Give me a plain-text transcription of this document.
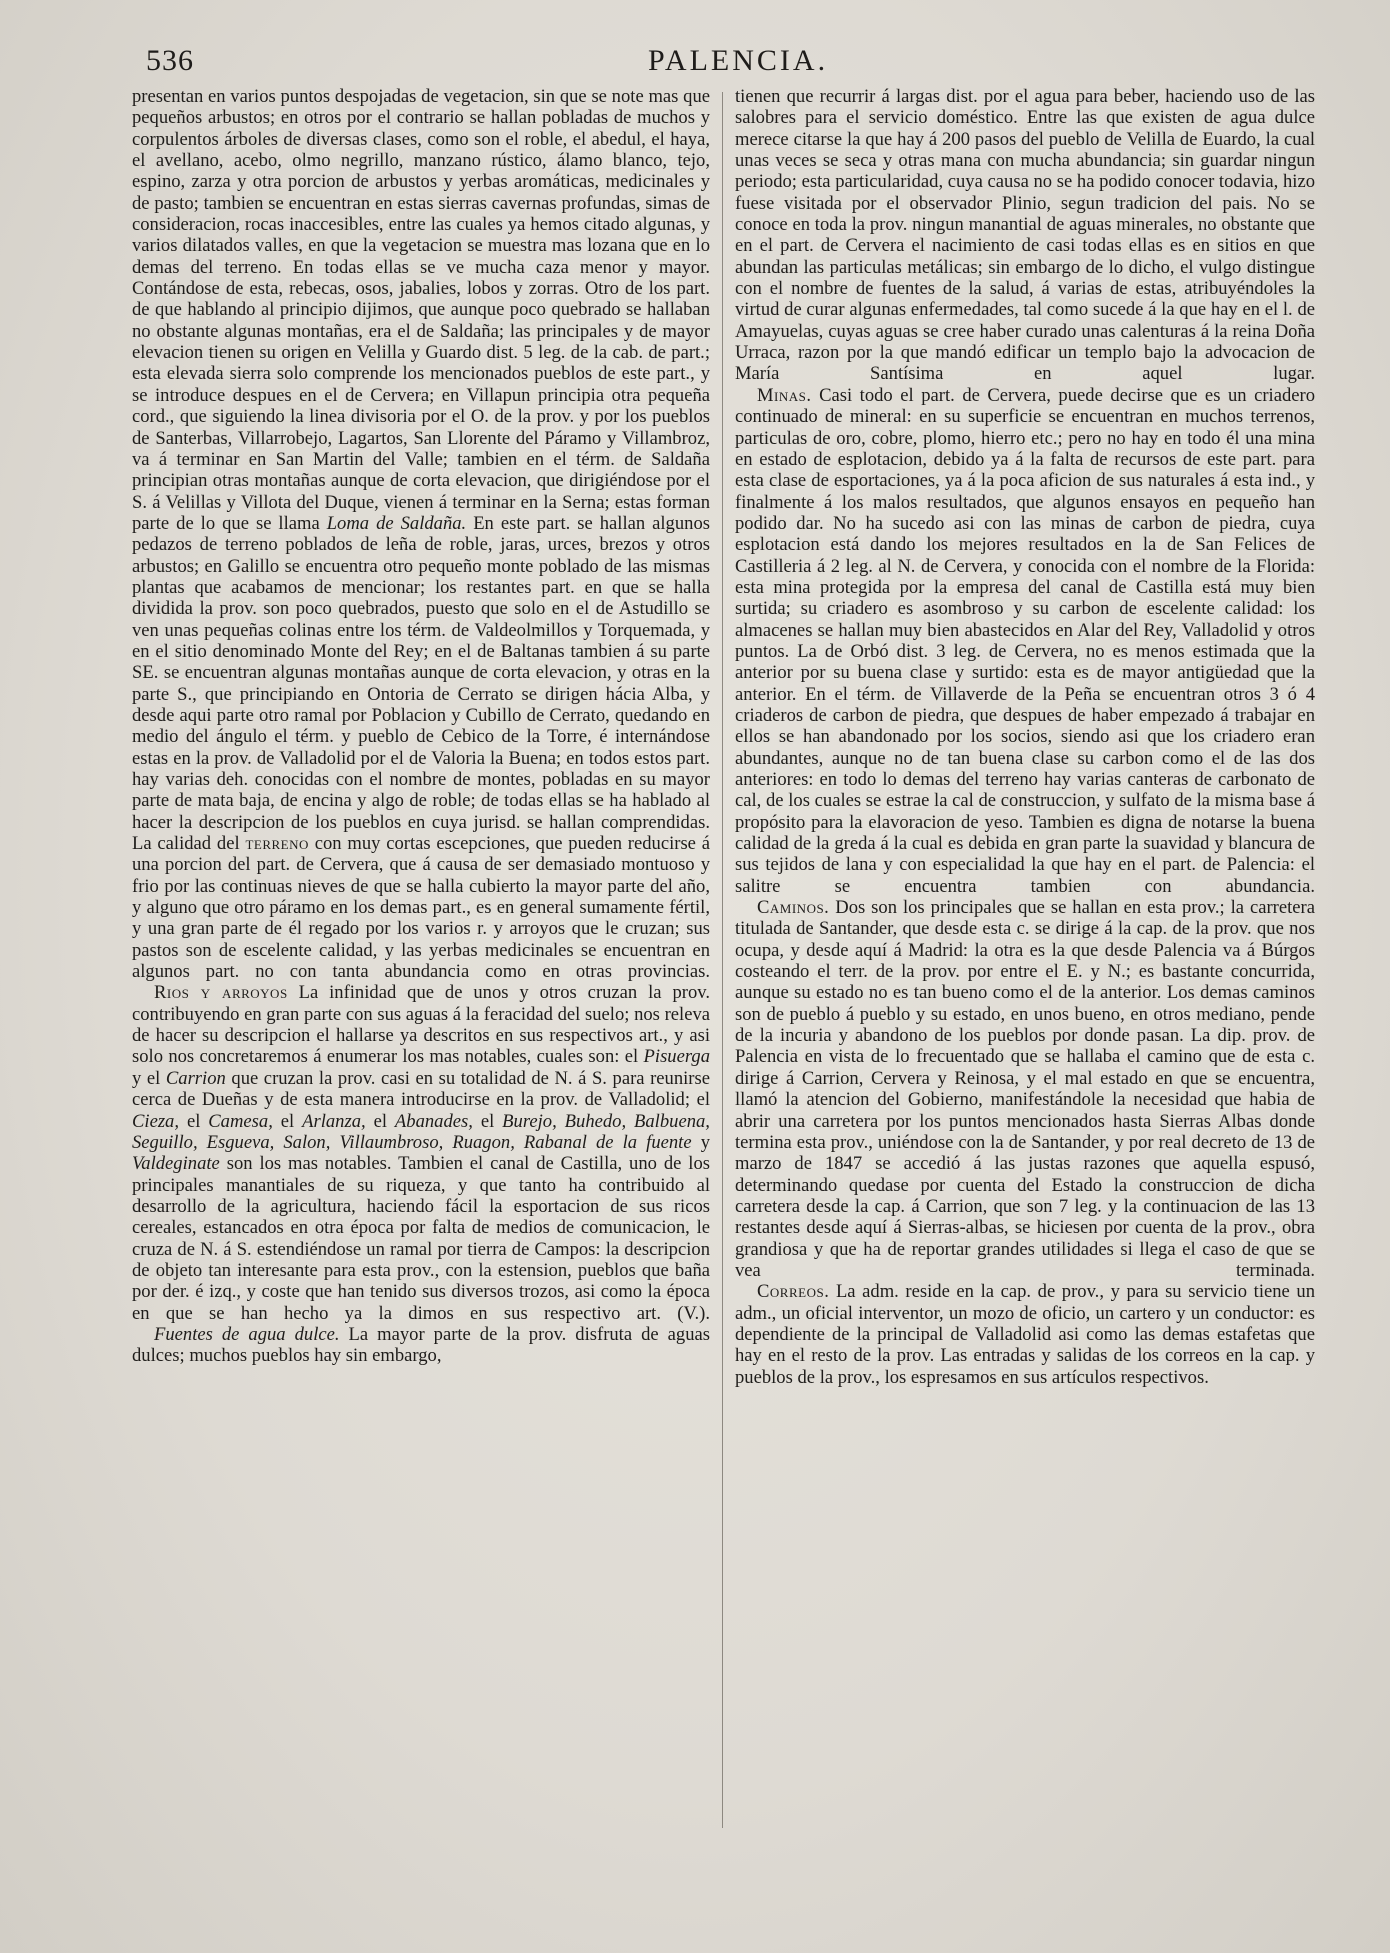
536	PALENCIA.

presentan en varios puntos despojadas de vegetacion, sin que se note mas que pequeños arbustos; en otros por el contrario se hallan pobladas de muchos y corpulentos árboles de diversas clases, como son el roble, el abedul, el haya, el avellano, acebo, olmo negrillo, manzano rústico, álamo blanco, tejo, espino, zarza y otra porcion de arbustos y yerbas aromáticas, medicinales y de pasto; tambien se encuentran en estas sierras cavernas profundas, simas de consideracion, rocas inaccesibles, entre las cuales ya hemos citado algunas, y varios dilatados valles, en que la vegetacion se muestra mas lozana que en lo demas del terreno. En todas ellas se ve mucha caza menor y mayor. Contándose de esta, rebecas, osos, jabalies, lobos y zorras. Otro de los part. de que hablando al principio dijimos, que aunque poco quebrado se hallaban no obstante algunas montañas, era el de Saldaña; las principales y de mayor elevacion tienen su origen en Velilla y Guardo dist. 5 leg. de la cab. de part.; esta elevada sierra solo comprende los mencionados pueblos de este part., y se introduce despues en el de Cervera; en Villapun principia otra pequeña cord., que siguiendo la linea divisoria por el O. de la prov. y por los pueblos de Santerbas, Villarrobejo, Lagartos, San Llorente del Páramo y Villambroz, va á terminar en San Martin del Valle; tambien en el térm. de Saldaña principian otras montañas aunque de corta elevacion, que dirigiéndose por el S. á Velillas y Villota del Duque, vienen á terminar en la Serna; estas forman parte de lo que se llama Loma de Saldaña. En este part. se hallan algunos pedazos de terreno poblados de leña de roble, jaras, urces, brezos y otros arbustos; en Galillo se encuentra otro pequeño monte poblado de las mismas plantas que acabamos de mencionar; los restantes part. en que se halla dividida la prov. son poco quebrados, puesto que solo en el de Astudillo se ven unas pequeñas colinas entre los térm. de Valdeolmillos y Torquemada, y en el sitio denominado Monte del Rey; en el de Baltanas tambien á su parte SE. se encuentran algunas montañas aunque de corta elevacion, y otras en la parte S., que principiando en Ontoria de Cerrato se dirigen hácia Alba, y desde aqui parte otro ramal por Poblacion y Cubillo de Cerrato, quedando en medio del ángulo el térm. y pueblo de Cebico de la Torre, é internándose estas en la prov. de Valladolid por el de Valoria la Buena; en todos estos part. hay varias deh. conocidas con el nombre de montes, pobladas en su mayor parte de mata baja, de encina y algo de roble; de todas ellas se ha hablado al hacer la descripcion de los pueblos en cuya jurisd. se hallan comprendidas. La calidad del terreno con muy cortas escepciones, que pueden reducirse á una porcion del part. de Cervera, que á causa de ser demasiado montuoso y frio por las continuas nieves de que se halla cubierto la mayor parte del año, y alguno que otro páramo en los demas part., es en general sumamente fértil, y una gran parte de él regado por los varios r. y arroyos que le cruzan; sus pastos son de escelente calidad, y las yerbas medicinales se encuentran en algunos part. no con tanta abundancia como en otras provincias.

Rios y arroyos La infinidad que de unos y otros cruzan la prov. contribuyendo en gran parte con sus aguas á la feracidad del suelo; nos releva de hacer su descripcion el hallarse ya descritos en sus respectivos art., y asi solo nos concretaremos á enumerar los mas notables, cuales son: el Pisuerga y el Carrion que cruzan la prov. casi en su totalidad de N. á S. para reunirse cerca de Dueñas y de esta manera introducirse en la prov. de Valladolid; el Cieza, el Camesa, el Arlanza, el Abanades, el Burejo, Buhedo, Balbuena, Seguillo, Esgueva, Salon, Villaumbroso, Ruagon, Rabanal de la fuente y Valdeginate son los mas notables. Tambien el canal de Castilla, uno de los principales manantiales de su riqueza, y que tanto ha contribuido al desarrollo de la agricultura, haciendo fácil la esportacion de sus ricos cereales, estancados en otra época por falta de medios de comunicacion, le cruza de N. á S. estendiéndose un ramal por tierra de Campos: la descripcion de objeto tan interesante para esta prov., con la estension, pueblos que baña por der. é izq., y coste que han tenido sus diversos trozos, asi como la época en que se han hecho ya la dimos en sus respectivo art. (V.).

Fuentes de agua dulce. La mayor parte de la prov. disfruta de aguas dulces; muchos pueblos hay sin embargo,

tienen que recurrir á largas dist. por el agua para beber, haciendo uso de las salobres para el servicio doméstico. Entre las que existen de agua dulce merece citarse la que hay á 200 pasos del pueblo de Velilla de Euardo, la cual unas veces se seca y otras mana con mucha abundancia; sin guardar ningun periodo; esta particularidad, cuya causa no se ha podido conocer todavia, hizo fuese visitada por el observador Plinio, segun tradicion del pais. No se conoce en toda la prov. ningun manantial de aguas minerales, no obstante que en el part. de Cervera el nacimiento de casi todas ellas es en sitios en que abundan las particulas metálicas; sin embargo de lo dicho, el vulgo distingue con el nombre de fuentes de la salud, á varias de estas, atribuyéndoles la virtud de curar algunas enfermedades, tal como sucede á la que hay en el l. de Amayuelas, cuyas aguas se cree haber curado unas calenturas á la reina Doña Urraca, razon por la que mandó edificar un templo bajo la advocacion de María Santísima en aquel lugar.

Minas. Casi todo el part. de Cervera, puede decirse que es un criadero continuado de mineral: en su superficie se encuentran en muchos terrenos, particulas de oro, cobre, plomo, hierro etc.; pero no hay en todo él una mina en estado de esplotacion, debido ya á la falta de recursos de este part. para esta clase de esportaciones, ya á la poca aficion de sus naturales á esta ind., y finalmente á los malos resultados, que algunos ensayos en pequeño han podido dar. No ha sucedo asi con las minas de carbon de piedra, cuya esplotacion está dando los mejores resultados en la de San Felices de Castilleria á 2 leg. al N. de Cervera, y conocida con el nombre de la Florida: esta mina protegida por la empresa del canal de Castilla está muy bien surtida; su criadero es asombroso y su carbon de escelente calidad: los almacenes se hallan muy bien abastecidos en Alar del Rey, Valladolid y otros puntos. La de Orbó dist. 3 leg. de Cervera, no es menos estimada que la anterior por su buena clase y surtido: esta es de mayor antigüedad que la anterior. En el térm. de Villaverde de la Peña se encuentran otros 3 ó 4 criaderos de carbon de piedra, que despues de haber empezado á trabajar en ellos se han abandonado por los socios, siendo asi que los criadero eran abundantes, aunque no de tan buena clase su carbon como el de las dos anteriores: en todo lo demas del terreno hay varias canteras de carbonato de cal, de los cuales se estrae la cal de construccion, y sulfato de la misma base á propósito para la elavoracion de yeso. Tambien es digna de notarse la buena calidad de la greda á la cual es debida en gran parte la suavidad y blancura de sus tejidos de lana y con especialidad la que hay en el part. de Palencia: el salitre se encuentra tambien con abundancia.

Caminos. Dos son los principales que se hallan en esta prov.; la carretera titulada de Santander, que desde esta c. se dirige á la cap. de la prov. que nos ocupa, y desde aquí á Madrid: la otra es la que desde Palencia va á Búrgos costeando el terr. de la prov. por entre el E. y N.; es bastante concurrida, aunque su estado no es tan bueno como el de la anterior. Los demas caminos son de pueblo á pueblo y su estado, en unos bueno, en otros mediano, pende de la incuria y abandono de los pueblos por donde pasan. La dip. prov. de Palencia en vista de lo frecuentado que se hallaba el camino que de esta c. dirige á Carrion, Cervera y Reinosa, y el mal estado en que se encuentra, llamó la atencion del Gobierno, manifestándole la necesidad que habia de abrir una carretera por los puntos mencionados hasta Sierras Albas donde termina esta prov., uniéndose con la de Santander, y por real decreto de 13 de marzo de 1847 se accedió á las justas razones que aquella espusó, determinando quedase por cuenta del Estado la construccion de dicha carretera desde la cap. á Carrion, que son 7 leg. y la continuacion de las 13 restantes desde aquí á Sierras-albas, se hiciesen por cuenta de la prov., obra grandiosa y que ha de reportar grandes utilidades si llega el caso de que se vea terminada.

Correos. La adm. reside en la cap. de prov., y para su servicio tiene un adm., un oficial interventor, un mozo de oficio, un cartero y un conductor: es dependiente de la principal de Valladolid asi como las demas estafetas que hay en el resto de la prov. Las entradas y salidas de los correos en la cap. y pueblos de la prov., los espresamos en sus artículos respectivos.
